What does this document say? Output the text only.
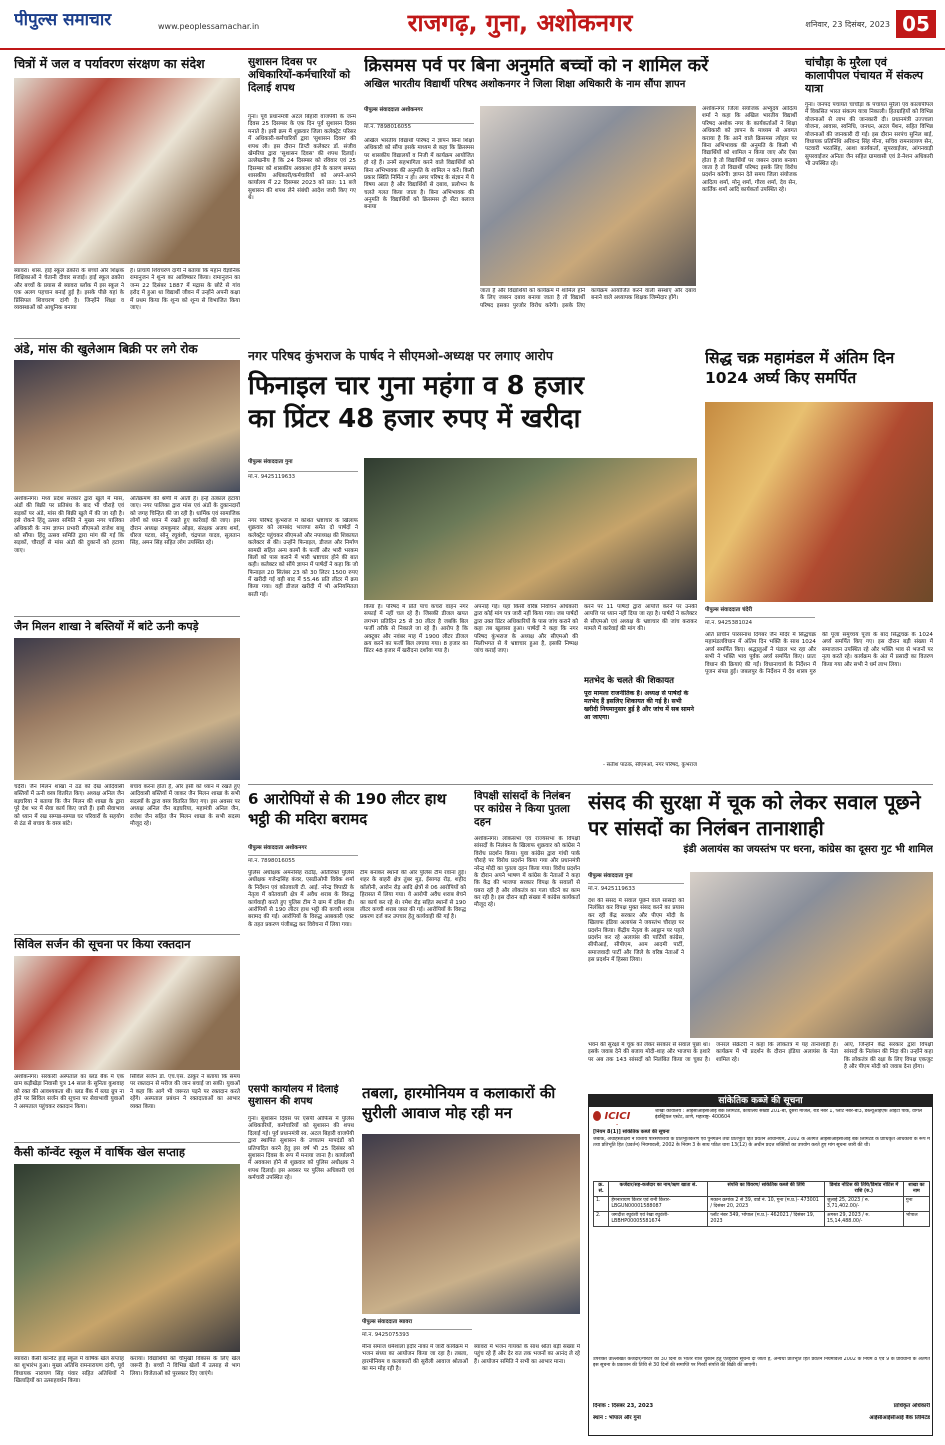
पीपुल्स समाचार	www.peoplessamachar.in	राजगढ़, गुना, अशोकनगर	शनिवार, 23 दिसंबर, 2023 05
चित्रों में जल व पर्यावरण संरक्षण का संदेश

ब्यावरा। शास. हाई स्कूल ढकोरा के बच्चों और शिक्षक शिक्षिकाओं ने चेतानी दीवार सजाई। हाई स्कूल ढकोरा और बच्चों के प्रयास से ब्यावरा ब्लॉक में इस स्कूल ने एक अलग पहचान बनाई हुई है। इसके पीछे यहां के प्रिंसिपल शिवचरण दांगी है। जिन्होंने शिक्षा व व्यवस्थाओं को आधुनिक बनाया

है। प्राचार्य शिवचरण दांगी ने बताया कि महान वैज्ञानिक रामानुजन ने शून्य का आविष्कार किया। रामानुजन का जन्म 22 दिसंबर 1887 में मद्रास के छोटे से गांव इरोद में हुआ था विद्यार्थी जीवन में उन्होंने अपनी कक्षा में प्रथम किया कि शून्य को शून्य से विभाजित किया जाए।

सुशासन दिवस पर अधिकारियों-कर्मचारियों को दिलाई शपथ

गुना। पूर्व प्रधानमंत्री अटल बिहारी वाजपेयी के जन्म दिवस 25 दिसम्बर के एक दिन पूर्व सुशासन दिवस मनाते है। इसी क्रम में शुक्रवार जिला कलेक्ट्रेट परिसर में अधिकारी-कर्मचारियों द्वारा 'सुशासन दिवस' की शपथ ली। इस दौरान डिप्टी कलेक्टर डॉ. संजीव खेमरिया द्वारा 'सुशासन दिवस' की शपथ दिलाई। उल्लेखनीय है कि 24 दिसम्बर को रविवार एवं 25 दिसम्बर को शासकीय अवकाश होने के कारण समस्त शासकीय अधिकारी/कर्मचारियों को अपने-अपने कार्यालय में 22 दिसम्बर 2023 को प्रात: 11 बजे सुशासन की शपथ लेने संबंधी आदेश जारी किए गए थे।

क्रिसमस पर्व पर बिना अनुमति बच्चों को न शामिल करें
अखिल भारतीय विद्यार्थी परिषद अशोकनगर ने जिला शिक्षा अधिकारी के नाम सौंपा ज्ञापन
पीपुल्स संवाददाता अशोकनगर
मो.नं. 7898016055

अखिल भारतीय विद्यार्थी परिषद ने ज्ञापन बिना शिक्षा अधिकारी को सौंपा इसके माध्यम से कहा कि क्रिसमस पर शासकीय विद्यालयों व निजी में कार्यक्रम आयोजित हो रहे हैं। उनमें सहभागिता करने वाले विद्यार्थियों को बिना अभिभावक की अनुमति के शामिल न करें। किसी प्रकार स्थिति निर्मित न हो। अगर परिषद के संज्ञान में ये विषय आता है और विद्यार्थियों से दबाव, प्रलोभन के चलते गलत किया जाता है। बिना अभिभावक की अनुमति के विद्यार्थियों को क्रिसमस ट्री सेंटा क्लाज बनाया

जाता है और विद्यार्थियों को कार्यक्रम में शामिल होने के लिए जबरन दबाव बनाया जाता है तो विद्यार्थी परिषद इसका पुरजोर विरोध करेगी। इसके लिए कार्यक्रम आयोजित करने वाली संस्थाएं और दबाव बनाने वाले अध्यापक शिक्षक जिम्मेदार होंगे।

अशोकनगर जिला संयोजक अभ्युदय आदित्य शर्मा ने कहा कि अखिल भारतीय विद्यार्थी परिषद अशोक नगर के कार्यकर्ताओं ने शिक्षा अधिकारी को ज्ञापन के माध्यम से अवगत कराया है कि आने वाले क्रिसमस त्योहार पर बिना अभिभावक की अनुमति के किसी भी विद्यार्थियों को शामिल न किया जाए और ऐसा होता है तो विद्यार्थियों पर जबरन दबाव बनाया जाता है तो विद्यार्थी परिषद इसके लिए विरोध प्रदर्शन करेगी। ज्ञापन देते समय जिला संयोजक आदित्य शर्मा, मोनू शर्मा, गौरव शर्मा, देव सेन, कार्तिक शर्मा आदि कार्यकर्ता उपस्थित रहे।

चांचौड़ा के मुरैला एवं कालापीपल पंचायत में संकल्प यात्रा

गुना। जनपद पंचायत चांचौड़ा के पंचायत मुरैला एवं कालापीपल में विकसित भारत संकल्प यात्रा निकाली। हितग्राहियों को विभिन्न योजनाओं से लाभ की जानकारी दी। प्रधानमंत्री उज्ज्वला योजना, आवास, स्वनिधि, जनधन, अटल पेंशन, सहित विभिन्न योजनाओं की जानकारी दी गई। इस दौरान सरपंच सुनिल बाई, विधायक प्रतिनिधि अरिवन्द सिंह मीना, सचिव रामनारायण सेन, पटवारी भरतसिंह, आशा कार्यकर्ता, सुपरवाईजर, आंगनवाड़ी सुपरवाईजर अनिता जैन सहित ग्रामवासी एवं डे-नेशन अधिकारी भी उपस्थित रहे।

अंडे, मांस की खुलेआम बिक्री पर लगे रोक

अशोकनगर। मध्य प्रदेश सरकार द्वारा खुले में मांस, अंडों की बिक्री पर प्रतिबंध के बाद भी चौराहे एवं सड़कों पर अंडे, मांस की बिक्री खुले में की जा रही है। इसे रोकने हिंदू उत्सव समिति ने मुख्य नगर पालिका अधिकारी के नाम ज्ञापन प्रभारी सीएमओ राजेश बाबू को सौंपा। हिंदू उत्सव समिति द्वारा मांग की गई कि सड़कों, चौराहों से मांस अंडों की दुकानों को हटाया जाए।

अतिक्रमण की श्रेणी में आती है। इन्हें तत्काल हटाया जाए। नगर पालिका द्वारा मांस एवं अंडों के दुकानदारों को जगह चिन्हित की जा रही है। धार्मिक एवं सामाजिक लोगों को ध्यान में रखते हुए कार्रवाई की जाए। इस दौरान अध्यक्ष रामकुमार ओझा, संरक्षक अजय शर्मा, धीरज पटवा, सोनू रघुवंशी, चंद्रपाल यादव, सुलतान सिंह, अमन सिंह सहित लोग उपस्थित रहे।

नगर परिषद कुंभराज के पार्षद ने सीएमओ-अध्यक्ष पर लगाए आरोप
फिनाइल चार गुना महंगा व 8 हजार
का प्रिंटर 48 हजार रुपए में खरीदा
पीपुल्स संवाददाता गुना
मो.नं. 9425119633

नगर परिषद कुंभराज में कथित भ्रष्टाचार के खिलाफ शुक्रवार को लामबंद भाजपा समेत दो पार्षदों ने कलेक्ट्रेट पहुंचकर सीएमओ और नपाध्यक्ष की शिकायत कलेक्टर से की। उन्होंने फिनाइल, डीजल और निर्माण सामग्री सहित अन्य कामों के फर्जी और भारी भरकम बिलों को पास कराने में भारी भ्रष्टाचार होने की बात कही। कलेक्टर को सौंपे ज्ञापन में पार्षदों ने कहा कि जो फिनाइल 20 सितंबर 23 को 30 लिटर 1500 रुपए में खरीदी गई वही बाद में 55.46 प्रति लीटर में क्रय किया गया। वहीं डीजल खरीदी में भी अनियमितता बरती गई।

किया है। परिषद में प्रति पांच कचरा वाहन नगर सफाई में नहीं चल रहे हैं। जिसकी डीजल खपत लगभग प्रतिदिन 25 से 30 लीटर है जबकि बिल फर्जी तरीके से निकाले जा रहे हैं। आरोप है कि अक्टूबर और नवंबर माह में 1900 लीटर डीजल क्रय करने का फर्जी बिल लगाया गया। 8 हजार का प्रिंटर 48 हजार में खरीदना दर्शाया गया है।

अपनाई गई। यहां किसी वरिष्ठ निर्वाचन अधिकारी द्वारा कोई मांग पत्र जारी नहीं किया गया। जब पार्षदों द्वारा उक्त प्रिंटर अधिकारियों के पास जांच कराने को कहा तब खुलासा हुआ। पार्षदों ने कहा कि नगर परिषद कुंभराज के अध्यक्ष और सीएमओ की मिलीभगत से ये भ्रष्टाचार हुआ है, इसकी निष्पक्ष जांच कराई जाए।

करने पर 11 पार्षदों द्वारा आपत्ति करने पर उनकी आपत्ति पर ध्यान नहीं दिया जा रहा है। पार्षदों ने कलेक्टर से सीएमओ एवं अध्यक्ष के भ्रष्टाचार की जांच कराकर मामले में कार्रवाई की मांग की।

मतभेद के चलते की शिकायत
पूरा मामला राजनीतिक है। अध्यक्ष से पार्षदों के मतभेद हैं इसलिए शिकायत की गई है। सभी खरीदी नियमानुसार हुई है और जांच में सब सामने आ जाएगा।
- सतीश पाठक, सीएमओ, नगर परिषद, कुंभराज
सिद्ध चक्र महामंडल में अंतिम दिन 1024 अर्घ्य किए समर्पित
पीपुल्स संवाददाता चंदेरी
मो.नं. 9425381024

अति प्राचीन पारसनाथ दिगंबर जैन मंदिर में सिद्धचक्र महामंडलविधान में अंतिम दिन भक्ति के साथ 1024 अर्घ्य समर्पित किए। श्रद्धालुओं ने पंडाल भर रहा और सभी ने भक्ति भाव पूर्वक अर्घ्य समर्पित किए। प्रातः विधान की क्रियाएं की गईं। विधानाचार्य के निर्देशन में पूजन संपन्न हुई। जबलपुर के निर्देशन में देव शास्त्र गुरु की पूजा समुच्चय पूजा के बाद सिद्धचक्र के 1024 अर्घ्य समर्पित किए गए। इस दौरान बड़ी संख्या में समाजजन उपस्थित रहे और भक्ति भाव से भजनों पर नृत्य करते रहे। कार्यक्रम के अंत में प्रसादी का वितरण किया गया और सभी ने धर्म लाभ लिया।

जैन मिलन शाखा ने बस्तियों में बांटे ऊनी कपड़े

चंदेरी। जैन मिलन शाखा ने ठंड को देख आदिवासी बस्तियों में ऊनी वस्त्र वितरित किए। अध्यक्ष अनिल जैन बड़घरिया ने बताया कि जैन मिलन की शाखा के द्वारा पूरे देश भर में सेवा कार्य किए जाते हैं। इसी सेवाभाव को ध्यान में रख सम्पन्न-सम्पन्न घर परिवारों के सहयोग से ठंड से बचाव के वस्त्र बांटे।

बचाव करना होता है, और इसी को ध्यान में रखते हुए आदिवासी बस्तियों में जाकर जैन मिलन शाखा के सभी सदस्यों के द्वारा वस्त्र वितरित किए गए। इस अवसर पर अध्यक्ष अनिल जैन बड़घरिया, महामंत्री अनिल जैन, राजेश जैन सहित जैन मिलन शाखा के सभी सदस्य मौजूद रहे।

6 आरोपियों से की 190 लीटर हाथ भट्ठी की मदिरा बरामद
पीपुल्स संवाददाता अशोकनगर
मो.नं. 7898016055

पुलिस अधीक्षक अमनसिंह राठौड़, अतिरिक्त पुलिस अधीक्षक गजेन्द्रसिंह कंवर, एसडीओपी विवेक शर्मा के निर्देशन एवं कोतवाली टी. आई. नरेन्द्र त्रिपाठी के नेतृत्व में कोतवाली क्षेत्र में अवैध शराब के विरुद्ध कार्यवाही करते हुए पुलिस टीम ने ग्राम में दबिश दी। आरोपियों से 190 लीटर हाथ भट्ठी की कच्ची शराब बरामद की गई। आरोपियों के विरुद्ध आबकारी एक्ट के तहत प्रकरण पंजीबद्ध कर विवेचना में लिया गया।

टीम बनाकर स्थानों की ओर पुलिस टीम रवाना हुई। शहर के बाहरी क्षेत्र तुंबर मुड़, ईसागढ़ रोड़, शहीद कॉलोनी, आरोन रोड़ आदि क्षेत्रों से 06 आरोपियों को हिरासत में लिया गया। ये आरोपी अवैध शराब बेचने का कार्य कर रहे थे। रमेश रोड़ सहित स्थानों से 190 लीटर कच्ची शराब जब्त की गई। आरोपियों के विरुद्ध प्रकरण दर्ज कर उपचार हेतु कार्यवाही की गई है।

विपक्षी सांसदों के निलंबन पर कांग्रेस ने किया पुतला दहन

अशोकनगर। लोकसभा एवं राज्यसभा के विपक्षी सांसदों के निलंबन के खिलाफ शुक्रवार को कांग्रेस ने विरोध प्रदर्शन किया। युवा कांग्रेस द्वारा गांधी पार्क चौराहे पर विरोध प्रदर्शन किया गया और प्रधानमंत्री नरेन्द्र मोदी का पुतला दहन किया गया। विरोध प्रदर्शन के दौरान अपने भाषण में कांग्रेस के नेताओं ने कहा कि केंद्र की भाजपा सरकार विपक्ष के सवालों से घबरा रही है और लोकतंत्र का गला घोंटने का काम कर रही है। इस दौरान बड़ी संख्या में कांग्रेस कार्यकर्ता मौजूद रहे।

संसद की सुरक्षा में चूक को लेकर सवाल पूछने पर सांसदों का निलंबन तानाशाही
इंडी अलायंस का जयस्तंभ पर धरना, कांग्रेस का दूसरा गुट भी शामिल
पीपुल्स संवाददाता गुना
मो.नं. 9425119633

देश की संसद में सवाल पूछने वाले सांसदों को निलंबित कर विपक्ष मुक्त संसद करने का प्रयास कर रही केंद्र सरकार और पीएम मोदी के खिलाफ इंडिया अलायंस ने जयस्तंभ चौराहा पर प्रदर्शन किया। केंद्रीय नेतृत्व के आह्वान पर पहले प्रदर्शन कर रहे अलायंस की पार्टियों कांग्रेस, सीपीआई, सीपीएम, आम आदमी पार्टी, समाजवादी पार्टी और जिले के वरिष्ठ नेताओं ने इस प्रदर्शन में हिस्सा लिया।

भवन की सुरक्षा में चूक को लेकर सरकार से सवाल पूछा था। इसके जवाब देने की बजाय मोदी-शाह और भाजपा के इशारे पर अब तक 143 सांसदों को निलंबित किया जा चुका है। जनरल सेक्रेटरी ने कहा कि लोकतंत्र में यह तानाशाही है। कार्यक्रम में भी प्रदर्शन के दौरान इंडिया अलायंस के नेता शामिल रहे।

आए, जिन्होंने केंद्र सरकार द्वारा विपक्षी सांसदों के निलंबन की निंदा की। उन्होंने कहा कि लोकतंत्र की रक्षा के लिए विपक्ष एकजुट है और पीएम मोदी को जवाब देना होगा।

सिविल सर्जन की सूचना पर किया रक्तदान

अशोकनगर। सरकारी अस्पताल का ब्लड बैंक में एक ग्राम कड़ीखेड़ा निवासी पुत्र 14 साल के सुनिता कुशवाह को रक्त की आवश्यकता थी। ब्लड बैंक में ब्लड ग्रुप ना होने पर सिविल सर्जन की सूचना पर सेवाभावी युवाओं ने अस्पताल पहुंचकर रक्तदान किया।

सिविल सर्जन डॉ. एच.एस. ठाकुर ने बताया कि समय पर रक्तदान से मरीज की जान बचाई जा सकी। युवाओं ने कहा कि आगे भी जरूरत पड़ने पर रक्तदान करते रहेंगे। अस्पताल प्रबंधन ने रक्तदाताओं का आभार व्यक्त किया।

एसपी कार्यालय में दिलाई सुशासन की शपथ

गुना। सुशासन दिवस पर एसपी ऑफिस में पुलिस अधिकारियों, कर्मचारियों को सुशासन की शपथ दिलाई गई। पूर्व प्रधानमंत्री स्व. अटल बिहारी वाजपेयी द्वारा स्थापित सुशासन के उच्चतम मापदंडों को प्रतिपादित करने हेतु इस वर्ष भी 25 दिसंबर को सुशासन दिवस के रूप में मनाया जाना है। कार्यालयों में अवकाश होने से शुक्रवार को पुलिस अधीक्षक ने शपथ दिलाई। इस अवसर पर पुलिस अधिकारी एवं कर्मचारी उपस्थित रहे।

तबला, हारमोनियम व कलाकारों की सुरीली आवाज मोह रही मन
पीपुल्स संवाददाता ब्यावरा
मो.नं. 9425075393

मीना समाज धर्मशाला इंदौर नाका में जारी कार्यक्रम में भजन संध्या का आयोजन किया जा रहा है। तबला, हारमोनियम व कलाकारों की सुरीली आवाज श्रोताओं का मन मोह रही है।

ब्यावरा में भजन गायकों के साथ श्रोता बड़ी संख्या में पहुंच रहे हैं और देर रात तक भजनों का आनंद ले रहे हैं। आयोजन समिति ने सभी का आभार माना।

कैसी कॉन्वेंट स्कूल में वार्षिक खेल सप्ताह

ब्यावरा। कैसी कान्वेंट हाई स्कूल में वार्षिक खेल सप्ताह का शुभारंभ हुआ। मुख्य अतिथि रामनारायण दांगी, पूर्व विधायक नारायण सिंह पंवार सहित अतिथियों ने खिलाड़ियों का उत्साहवर्धन किया।

कराया। विद्यार्थियों को चौमुखी विकास के लिए खेल जरूरी है। बच्चों ने विभिन्न खेलों में उत्साह से भाग लिया। विजेताओं को पुरस्कार दिए जाएंगे।

सांकेतिक कब्जे की सूचना
ICICI	शाखा कार्यालय : आईसीआईसीआई बैंक लिमिटेड, कार्यालय संख्या 201-बी, दूसरी मंजिल, रोड नंबर 1, प्लॉट नंबर-बी3, डब्ल्यूआईएफ आईटी पार्क, वागले इंडस्ट्रियल एस्टेट, ठाणे, महाराष्ट्र- 400604
[नियम 8(1)] सांकेतिक कब्जे की सूचना
जबकि, अधोहस्ताक्षरी ने वित्तीय परिसंपत्तियों के प्रतिभूतिकरण एवं पुनर्गठन तथा प्रतिभूति हित प्रवर्तन अधिनियम, 2002 के अंतर्गत आईसीआईसीआई बैंक लिमिटेड के प्राधिकृत अधिकारी के रूप में तथा प्रतिभूति हित (प्रवर्तन) नियमावली, 2002 के नियम 3 के साथ पठित धारा 13(12) के अधीन प्रदत्त शक्तियों का उपयोग करते हुए मांग सूचना जारी की थी।
क्र. सं.	कर्जदार/सह-कर्जदार का नाम/ऋण खाता सं.	संपत्ति का विवरण/ सांकेतिक कब्जे की तिथि	डिमांड नोटिस की तिथि/डिमांड नोटिस में राशि (रु.)	शाखा का नाम
1.	हेमनारायण किरार एवं रानी किरार- LBGUN00001588087	मकान क्रमांक 2 से 39, वार्ड नं. 10, गुना (म.प्र.)- 473001 / दिसंबर 20, 2023	जुलाई 25, 2023 / रु. 3,71,402.00/-	गुना
2.	जगदीश रघुवंशी एवं रेखा रघुवंशी- LBBHP00005581674	प्लॉट नंबर 349, भोपाल (म.प्र.)- 462021 / दिसंबर 19, 2023	अगस्त 29, 2023 / रु. 15,14,488.00/-	भोपाल
उपरोक्त उल्लिखित कर्जदार/गारंटर को 30 दिनों के भीतर राशि चुकाने हेतु एतद्द्वारा सूचना दी जाती है, अन्यथा प्रतिभूति हित प्रवर्तन नियमावली 2002 के नियम 8 एवं 9 के प्रावधानों के अंतर्गत इस सूचना के प्रकाशन की तिथि से 30 दिनों की समाप्ति पर गिरवी संपत्ति की बिक्री की जाएगी।
दिनांक : दिसंबर 23, 2023
स्थान : भोपाल और गुना
प्राधिकृत अधिकारी
आईसीआईसीआई बैंक लिमिटेड
